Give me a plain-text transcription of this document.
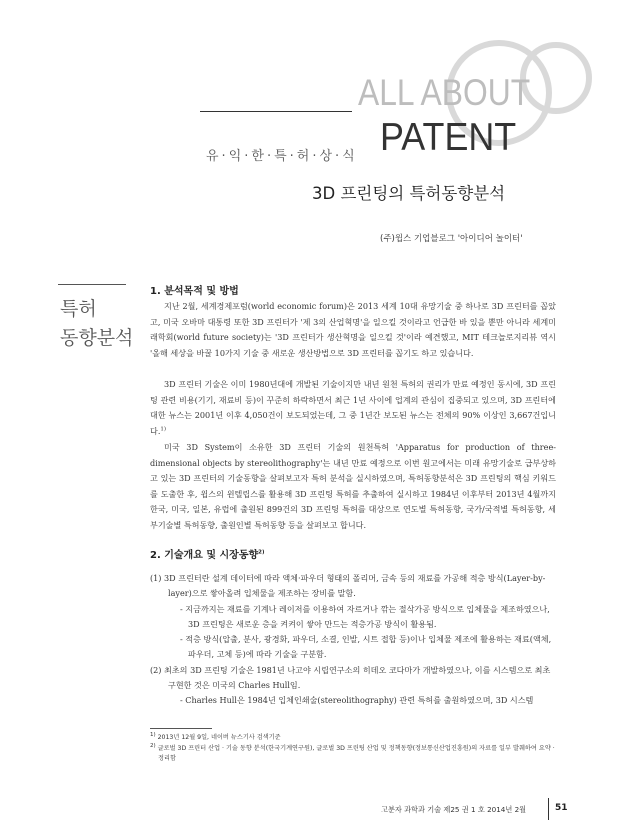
ALL ABOUT
PATENT
유·익·한·특·허·상·식
3D 프린팅의 특허동향분석
(주)윕스 기업블로그 '아이디어 놀이터'
특허
동향분석
1. 분석목적 및 방법

지난 2월, 세계경제포럼(world economic forum)은 2013 세계 10대 유망기술 중 하나로 3D 프린터를 꼽았고, 미국 오바마 대통령 또한 3D 프린터가 '제 3의 산업혁명'을 일으킬 것이라고 언급한 바 있을 뿐만 아니라 세계미래학회(world future society)는 '3D 프린터가 생산혁명을 일으킬 것'이라 예견했고, MIT 테크놀로지리뷰 역시 '올해 세상을 바꿀 10가지 기술 중 새로운 생산방법으로 3D 프린터를 꼽기도 하고 있습니다.

3D 프린터 기술은 이미 1980년대에 개발된 기술이지만 내년 원천 특허의 권리가 만료 예정인 동시에, 3D 프린팅 관련 비용(기기, 재료비 등)이 꾸준히 하락하면서 최근 1년 사이에 업계의 관심이 집중되고 있으며, 3D 프린터에 대한 뉴스는 2001년 이후 4,050건이 보도되었는데, 그 중 1년간 보도된 뉴스는 전체의 90% 이상인 3,667건입니다.$^{1)}$

미국 3D System이 소유한 3D 프린터 기술의 원천특허 'Apparatus for production of three-dimensional objects by stereolithography'는 내년 만료 예정으로 이번 원고에서는 미래 유망기술로 급부상하고 있는 3D 프린터의 기술동향을 살펴보고자 특허 분석을 실시하였으며, 특허동향분석은 3D 프린팅의 핵심 키워드를 도출한 후, 윕스의 윈텔립스를 활용해 3D 프린팅 특허를 추출하여 실시하고 1984년 이후부터 2013년 4월까지 한국, 미국, 일본, 유럽에 출원된 899건의 3D 프린팅 특허를 대상으로 연도별 특허동향, 국가/국적별 특허동향, 세부기술별 특허동향, 출원인별 특허동향 등을 살펴보고 합니다.

2. 기술개요 및 시장동향$^{2)}$
(1) 3D 프린터란 설계 데이터에 따라 액체·파우더 형태의 폴리머, 금속 등의 재료를 가공해 적층 방식(Layer-by-layer)으로 쌓아올려 입체물을 제조하는 장비를 말함.
- 지금까지는 재료를 기계나 레이저를 이용하여 자르거나 깎는 절삭가공 방식으로 입체물을 제조하였으나, 3D 프린팅은 새로운 층을 켜켜이 쌓아 만드는 적층가공 방식이 활용됨.
- 적층 방식(압출, 분사, 광경화, 파우더, 소결, 인발, 시트 접합 등)이나 입체물 제조에 활용하는 재료(액체, 파우더, 고체 등)에 따라 기술을 구분함.
(2) 최초의 3D 프린팅 기술은 1981년 나고야 시립연구소의 히데오 코다마가 개발하였으나, 이를 시스템으로 최초 구현한 것은 미국의 Charles Hull임.
- Charles Hull은 1984년 입체인쇄술(stereolithography) 관련 특허를 출원하였으며, 3D 시스템

$^{1)}$ 2013년 12월 9일, 네이버 뉴스기사 검색기준

$^{2)}$ 글로벌 3D 프린터 산업 · 기술 동향 분석(한국기계연구원), 글로벌 3D 프린팅 산업 및 정책동향(정보통신산업진흥원)의 자료를 일부 발췌하여 요약 · 정리함

고분자 과학과 기술 제25 권 1 호 2014년 2월	51
